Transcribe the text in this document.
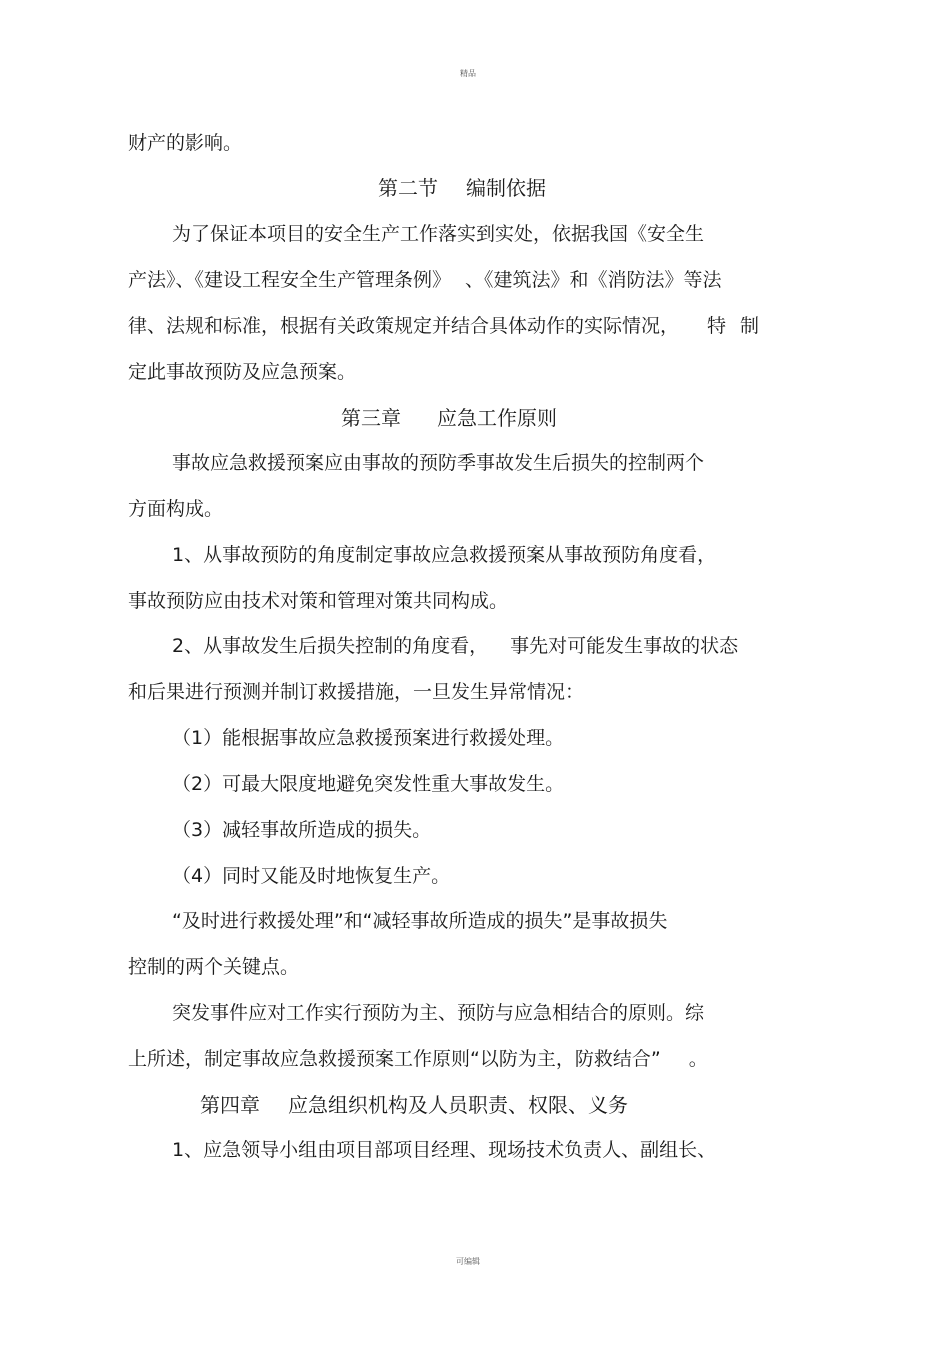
精品
财产的影响。
第二节 编制依据
为了保证本项目的安全生产工作落实到实处，依据我国《安全生
产法》、《建设工程安全生产管理条例》 、《建筑法》和《消防法》等法
律、法规和标准，根据有关政策规定并结合具体动作的实际情况， 特 制
定此事故预防及应急预案。
第三章 应急工作原则
事故应急救援预案应由事故的预防季事故发生后损失的控制两个
方面构成。
1、从事故预防的角度制定事故应急救援预案从事故预防角度看，
事故预防应由技术对策和管理对策共同构成。
2、从事故发生后损失控制的角度看， 事先对可能发生事故的状态
和后果进行预测并制订救援措施，一旦发生异常情况：
（1）能根据事故应急救援预案进行救援处理。
（2）可最大限度地避免突发性重大事故发生。
（3）减轻事故所造成的损失。
（4）同时又能及时地恢复生产。
“及时进行救援处理”和“减轻事故所造成的损失”是事故损失
控制的两个关键点。
突发事件应对工作实行预防为主、预防与应急相结合的原则。综
上所述，制定事故应急救援预案工作原则“以防为主，防救结合” 。
第四章 应急组织机构及人员职责、权限、义务
1、应急领导小组由项目部项目经理、现场技术负责人、副组长、
可编辑
